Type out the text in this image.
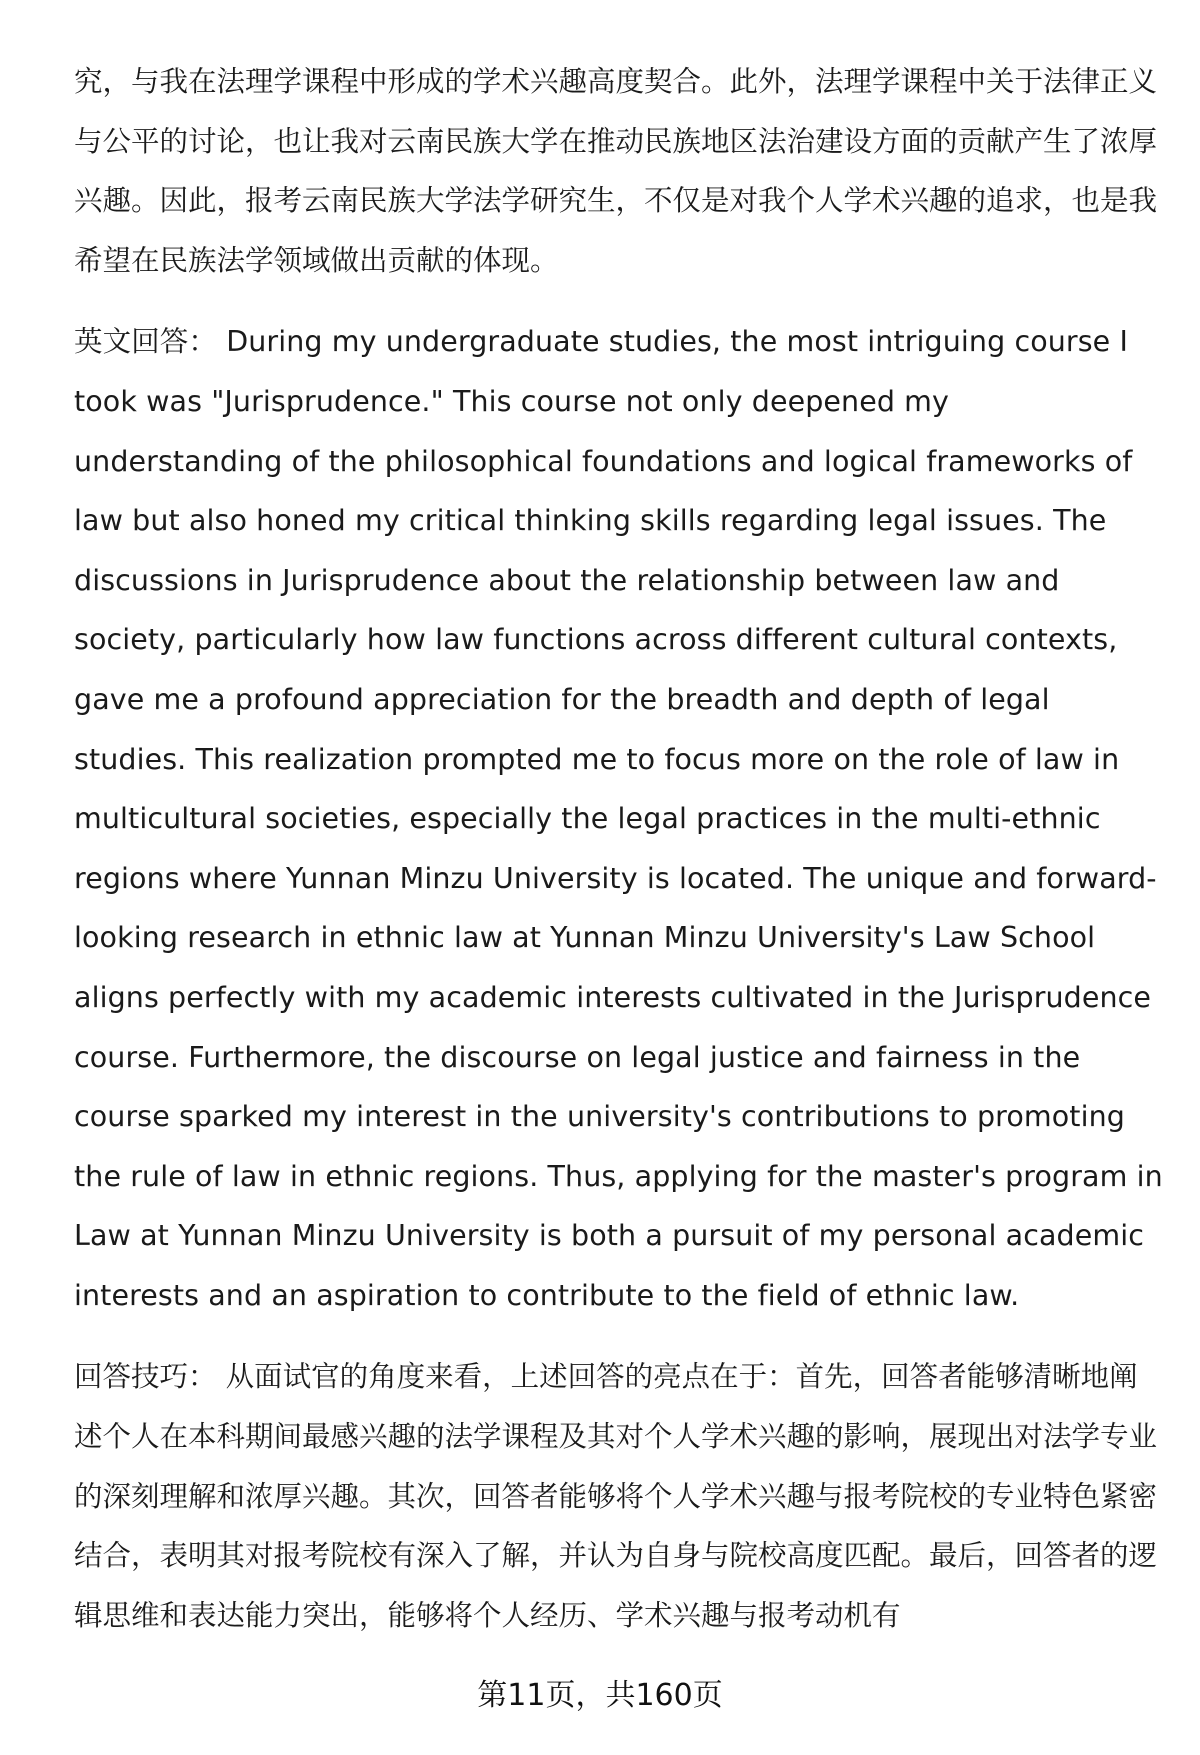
究，与我在法理学课程中形成的学术兴趣高度契合。此外，法理学课程中关于法律正义与公平的讨论，也让我对云南民族大学在推动民族地区法治建设方面的贡献产生了浓厚兴趣。因此，报考云南民族大学法学研究生，不仅是对我个人学术兴趣的追求，也是我希望在民族法学领域做出贡献的体现。

英文回答： During my undergraduate studies, the most intriguing course I took was "Jurisprudence." This course not only deepened my understanding of the philosophical foundations and logical frameworks of law but also honed my critical thinking skills regarding legal issues. The discussions in Jurisprudence about the relationship between law and society, particularly how law functions across different cultural contexts, gave me a profound appreciation for the breadth and depth of legal studies. This realization prompted me to focus more on the role of law in multicultural societies, especially the legal practices in the multi-ethnic regions where Yunnan Minzu University is located. The unique and forward-looking research in ethnic law at Yunnan Minzu University's Law School aligns perfectly with my academic interests cultivated in the Jurisprudence course. Furthermore, the discourse on legal justice and fairness in the course sparked my interest in the university's contributions to promoting the rule of law in ethnic regions. Thus, applying for the master's program in Law at Yunnan Minzu University is both a pursuit of my personal academic interests and an aspiration to contribute to the field of ethnic law.

回答技巧： 从面试官的角度来看，上述回答的亮点在于：首先，回答者能够清晰地阐述个人在本科期间最感兴趣的法学课程及其对个人学术兴趣的影响，展现出对法学专业的深刻理解和浓厚兴趣。其次，回答者能够将个人学术兴趣与报考院校的专业特色紧密结合，表明其对报考院校有深入了解，并认为自身与院校高度匹配。最后，回答者的逻辑思维和表达能力突出，能够将个人经历、学术兴趣与报考动机有

第11页，共160页
